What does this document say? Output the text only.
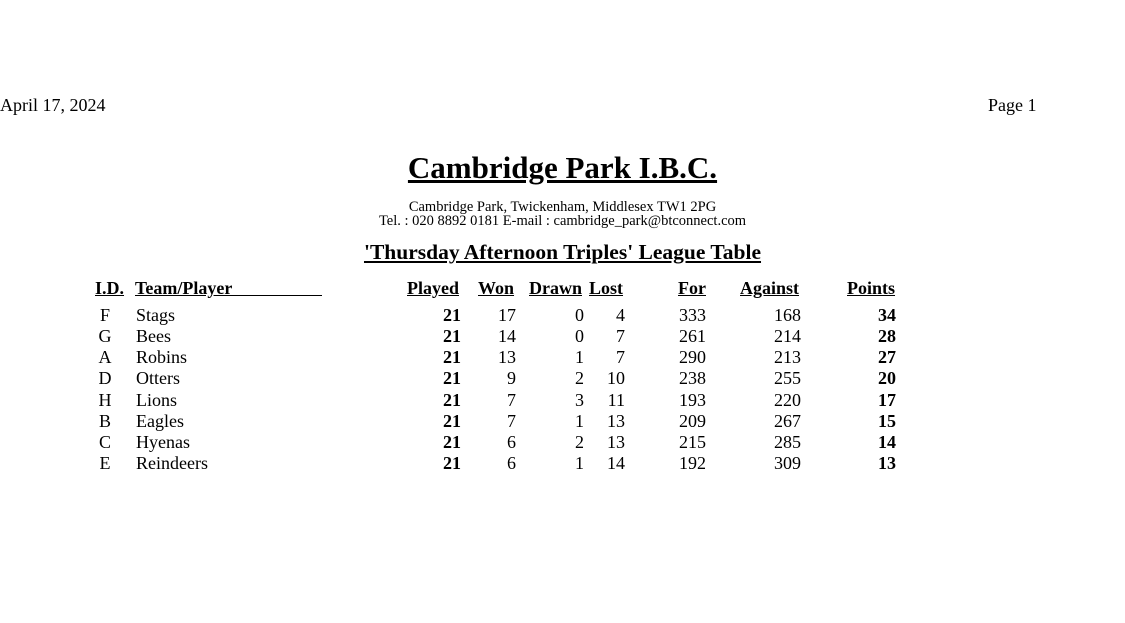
April 17, 2024	Page 1
Cambridge Park I.B.C.
Cambridge Park, Twickenham, Middlesex TW1 2PG
Tel. : 020 8892 0181 E-mail : cambridge_park@btconnect.com
'Thursday Afternoon Triples' League Table
I.D. Team/Player	Played Won Drawn Lost	For Against	Points
F Stags	21	17	0	4	333	168	34
G Bees	21	14	0	7	261	214	28
A Robins	21	13	1	7	290	213	27
D Otters	21	9	2	10	238	255	20
H Lions	21	7	3	11	193	220	17
B Eagles	21	7	1	13	209	267	15
C Hyenas	21	6	2	13	215	285	14
E Reindeers	21	6	1	14	192	309	13
